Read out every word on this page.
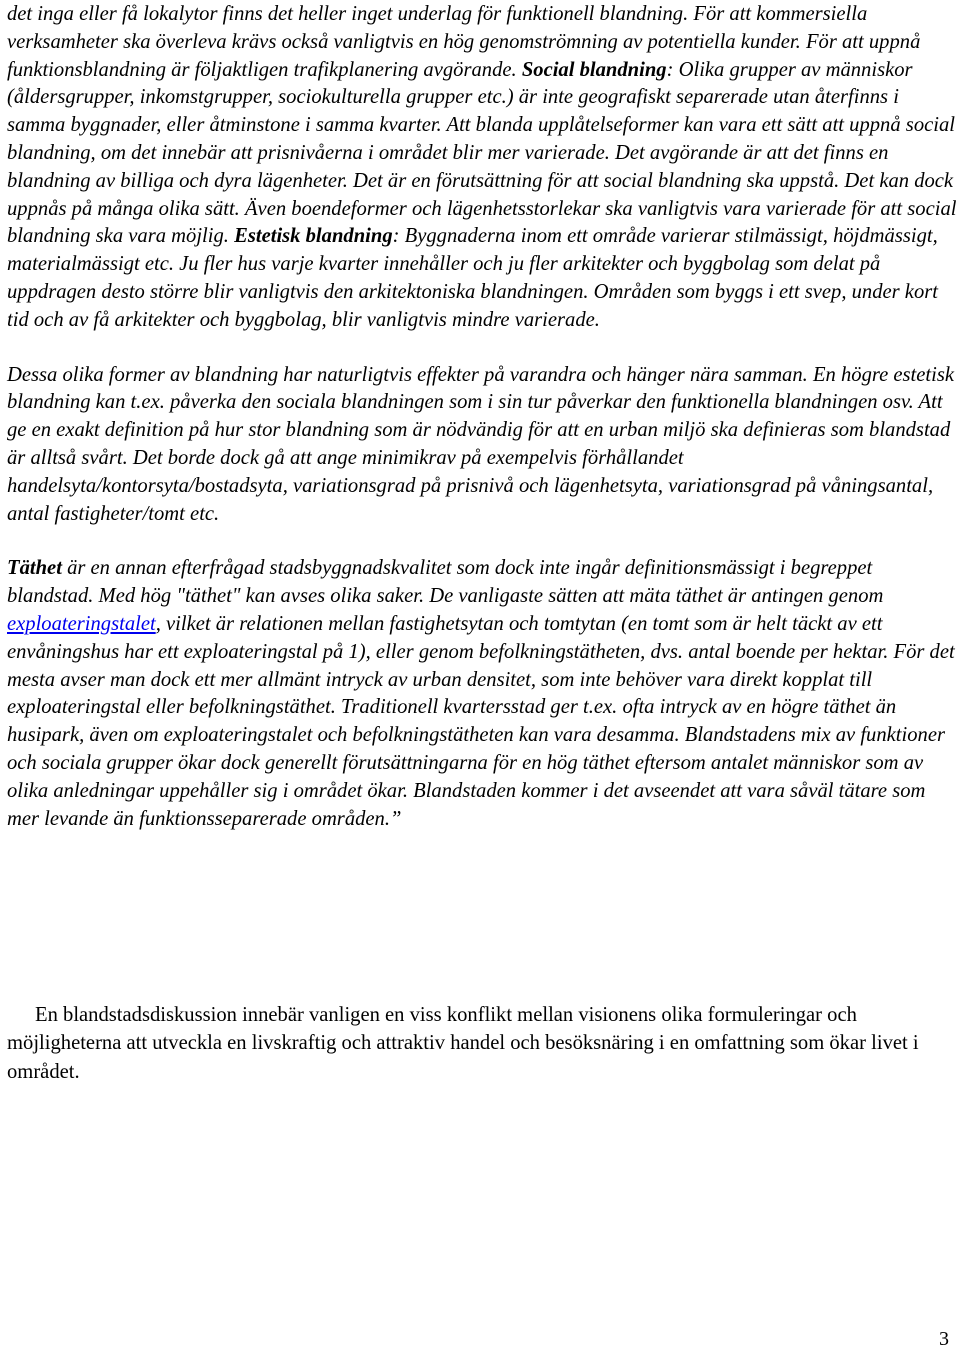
det inga eller få lokalytor finns det heller inget underlag för funktionell blandning. För att kommersiella verksamheter ska överleva krävs också vanligtvis en hög genomströmning av potentiella kunder. För att uppnå funktionsblandning är följaktligen trafikplanering avgörande. Social blandning: Olika grupper av människor (åldersgrupper, inkomstgrupper, sociokulturella grupper etc.) är inte geografiskt separerade utan återfinns i samma byggnader, eller åtminstone i samma kvarter. Att blanda upplåtelseformer kan vara ett sätt att uppnå social blandning, om det innebär att prisnivåerna i området blir mer varierade. Det avgörande är att det finns en blandning av billiga och dyra lägenheter. Det är en förutsättning för att social blandning ska uppstå. Det kan dock uppnås på många olika sätt. Även boendeformer och lägenhetsstorlekar ska vanligtvis vara varierade för att social blandning ska vara möjlig. Estetisk blandning: Byggnaderna inom ett område varierar stilmässigt, höjdmässigt, materialmässigt etc. Ju fler hus varje kvarter innehåller och ju fler arkitekter och byggbolag som delat på uppdragen desto större blir vanligtvis den arkitektoniska blandningen. Områden som byggs i ett svep, under kort tid och av få arkitekter och byggbolag, blir vanligtvis mindre varierade.

Dessa olika former av blandning har naturligtvis effekter på varandra och hänger nära samman. En högre estetisk blandning kan t.ex. påverka den sociala blandningen som i sin tur påverkar den funktionella blandningen osv. Att ge en exakt definition på hur stor blandning som är nödvändig för att en urban miljö ska definieras som blandstad är alltså svårt. Det borde dock gå att ange minimikrav på exempelvis förhållandet handelsyta/kontorsyta/bostadsyta, variationsgrad på prisnivå och lägenhetsyta, variationsgrad på våningsantal, antal fastigheter/tomt etc.

Täthet är en annan efterfrågad stadsbyggnadskvalitet som dock inte ingår definitionsmässigt i begreppet blandstad. Med hög "täthet" kan avses olika saker. De vanligaste sätten att mäta täthet är antingen genom exploateringstalet, vilket är relationen mellan fastighetsytan och tomtytan (en tomt som är helt täckt av ett envåningshus har ett exploateringstal på 1), eller genom befolkningstätheten, dvs. antal boende per hektar. För det mesta avser man dock ett mer allmänt intryck av urban densitet, som inte behöver vara direkt kopplat till exploateringstal eller befolkningstäthet. Traditionell kvartersstad ger t.ex. ofta intryck av en högre täthet än husipark, även om exploateringstalet och befolkningstätheten kan vara desamma. Blandstadens mix av funktioner och sociala grupper ökar dock generellt förutsättningarna för en hög täthet eftersom antalet människor som av olika anledningar uppehåller sig i området ökar. Blandstaden kommer i det avseendet att vara såväl tätare som mer levande än funktionsseparerade områden.”

En blandstadsdiskussion innebär vanligen en viss konflikt mellan visionens olika formuleringar och möjligheterna att utveckla en livskraftig och attraktiv handel och besöksnäring i en omfattning som ökar livet i området.

3
